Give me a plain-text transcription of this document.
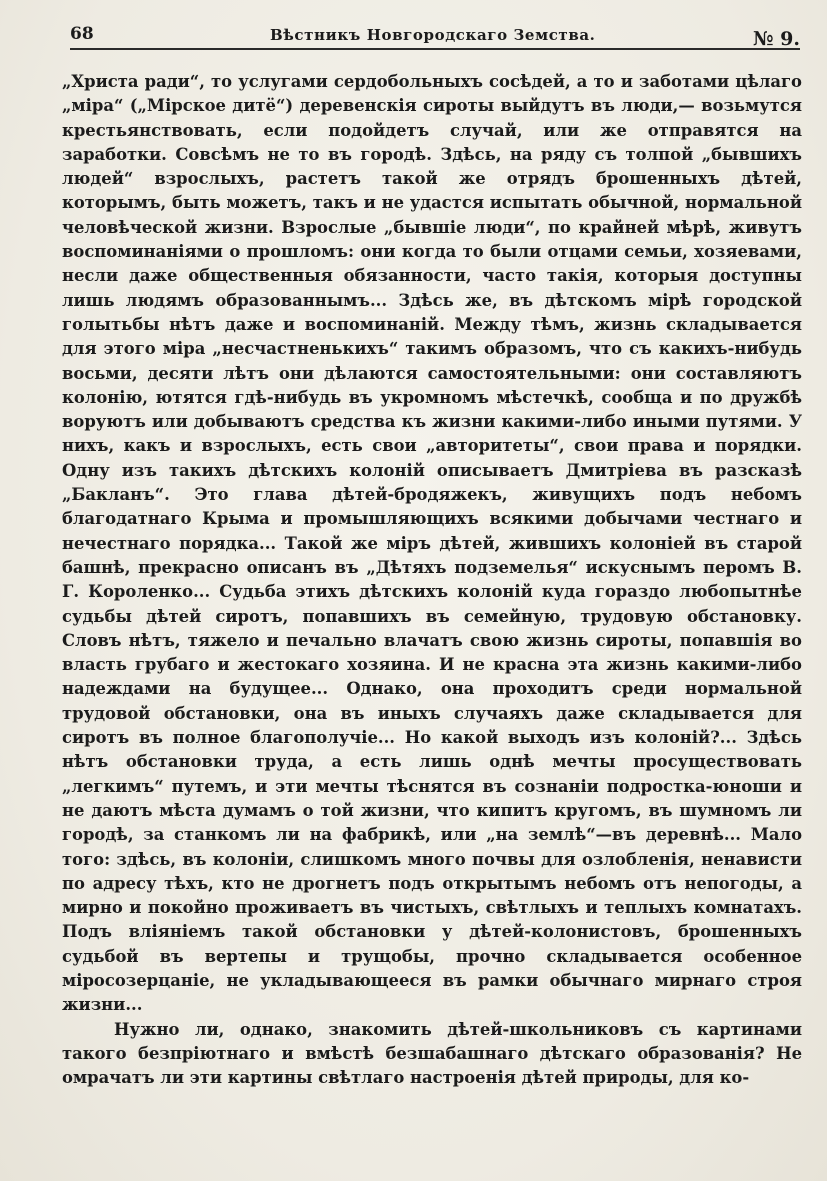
68	Вѣстникъ Новгородскаго Земства.	№ 9.

„Христа ради“, то услугами сердобольныхъ сосѣдей, а то и заботами цѣлаго „міра“ („Мірское дитё“) деревенскія сироты выйдутъ въ люди,— возьмутся крестьянствовать, если подойдетъ случай, или же отправятся на заработки. Совсѣмъ не то въ городѣ. Здѣсь, на ряду съ толпой „бывшихъ людей“ взрослыхъ, растетъ такой же отрядъ брошенныхъ дѣтей, которымъ, быть можетъ, такъ и не удастся испытать обычной, нормальной человѣческой жизни. Взрослые „бывшіе люди“, по крайней мѣрѣ, живутъ воспоминаніями о прошломъ: они когда то были отцами семьи, хозяевами, несли даже общественныя обязанности, часто такія, которыя доступны лишь людямъ образованнымъ... Здѣсь же, въ дѣтскомъ мірѣ городской голытьбы нѣтъ даже и воспоминаній. Между тѣмъ, жизнь складывается для этого міра „несчастненькихъ“ такимъ образомъ, что съ какихъ-нибудь восьми, десяти лѣтъ они дѣлаются самостоятельными: они составляютъ колонію, ютятся гдѣ-нибудь въ укромномъ мѣстечкѣ, сообща и по дружбѣ воруютъ или добываютъ средства къ жизни какими-либо иными путями. У нихъ, какъ и взрослыхъ, есть свои „авторитеты“, свои права и порядки. Одну изъ такихъ дѣтскихъ колоній описываетъ Дмитріева въ разсказѣ „Бакланъ“. Это глава дѣтей-бродяжекъ, живущихъ подъ небомъ благодатнаго Крыма и промышляющихъ всякими добычами честнаго и нечестнаго порядка... Такой же міръ дѣтей, жившихъ колоніей въ старой башнѣ, прекрасно описанъ въ „Дѣтяхъ подземелья“ искуснымъ перомъ В. Г. Короленко... Судьба этихъ дѣтскихъ колоній куда гораздо любопытнѣе судьбы дѣтей сиротъ, попавшихъ въ семейную, трудовую обстановку. Словъ нѣтъ, тяжело и печально влачатъ свою жизнь сироты, попавшія во власть грубаго и жестокаго хозяина. И не красна эта жизнь какими-либо надеждами на будущее... Однако, она проходитъ среди нормальной трудовой обстановки, она въ иныхъ случаяхъ даже складывается для сиротъ въ полное благополучіе... Но какой выходъ изъ колоній?... Здѣсь нѣтъ обстановки труда, а есть лишь однѣ мечты просуществовать „легкимъ“ путемъ, и эти мечты тѣснятся въ сознаніи подростка-юноши и не даютъ мѣста думамъ о той жизни, что кипитъ кругомъ, въ шумномъ ли городѣ, за станкомъ ли на фабрикѣ, или „на землѣ“—въ деревнѣ... Мало того: здѣсь, въ колоніи, слишкомъ много почвы для озлобленія, ненависти по адресу тѣхъ, кто не дрогнетъ подъ открытымъ небомъ отъ непогоды, а мирно и покойно проживаетъ въ чистыхъ, свѣтлыхъ и теплыхъ комнатахъ. Подъ вліяніемъ такой обстановки у дѣтей-колонистовъ, брошенныхъ судьбой въ вертепы и трущобы, прочно складывается особенное міросозерцаніе, не укладывающееся въ рамки обычнаго мирнаго строя жизни...

Нужно ли, однако, знакомить дѣтей-школьниковъ съ картинами такого безпріютнаго и вмѣстѣ безшабашнаго дѣтскаго образованія? Не омрачатъ ли эти картины свѣтлаго настроенія дѣтей природы, для ко-
